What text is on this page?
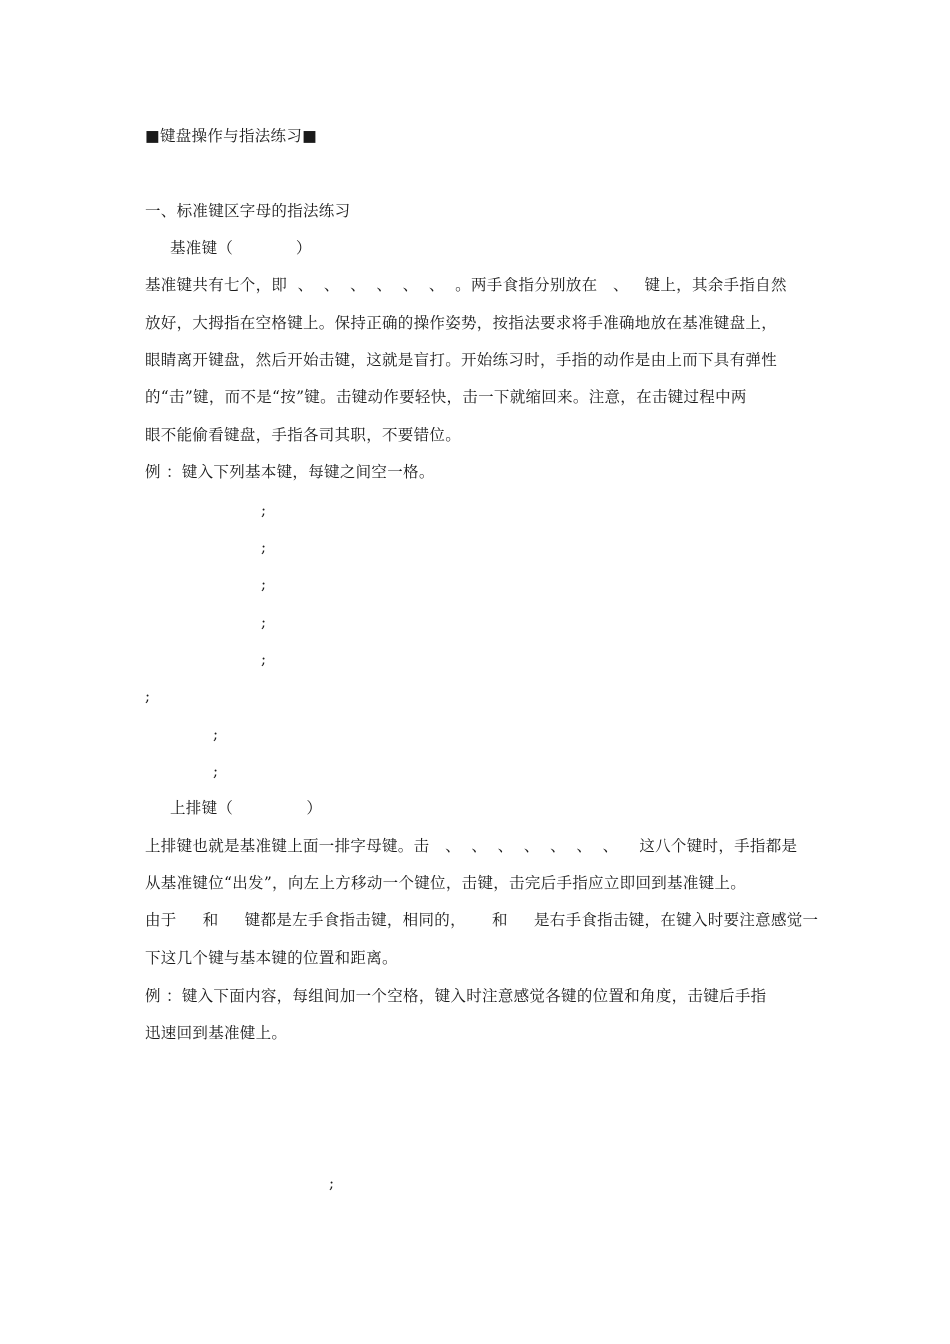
■键盘操作与指法练习■
一、标准键区字母的指法练习
基准键（            ）
基准键共有七个，即  、  、  、  、  、  、  。两手食指分别放在   、   键上，其余手指自然
放好，大拇指在空格键上。保持正确的操作姿势，按指法要求将手准确地放在基准键盘上，
眼睛离开键盘，然后开始击键，这就是盲打。开始练习时，手指的动作是由上而下具有弹性
的“击”键，而不是“按”键。击键动作要轻快，击一下就缩回来。注意，在击键过程中两
眼不能偷看键盘，手指各司其职，不要错位。
例 ：键入下列基本键，每键之间空一格。
;
;
;
;
;
;
;
;
上排键（              ）
上排键也就是基准键上面一排字母键。击   、  、  、  、  、  、  、    这八个键时，手指都是
从基准键位“出发”，向左上方移动一个键位，击键，击完后手指应立即回到基准键上。
由于     和     键都是左手食指击键，相同的，     和     是右手食指击键，在键入时要注意感觉一
下这几个键与基本键的位置和距离。
例 ：键入下面内容，每组间加一个空格，键入时注意感觉各键的位置和角度，击键后手指
迅速回到基准健上。
;
